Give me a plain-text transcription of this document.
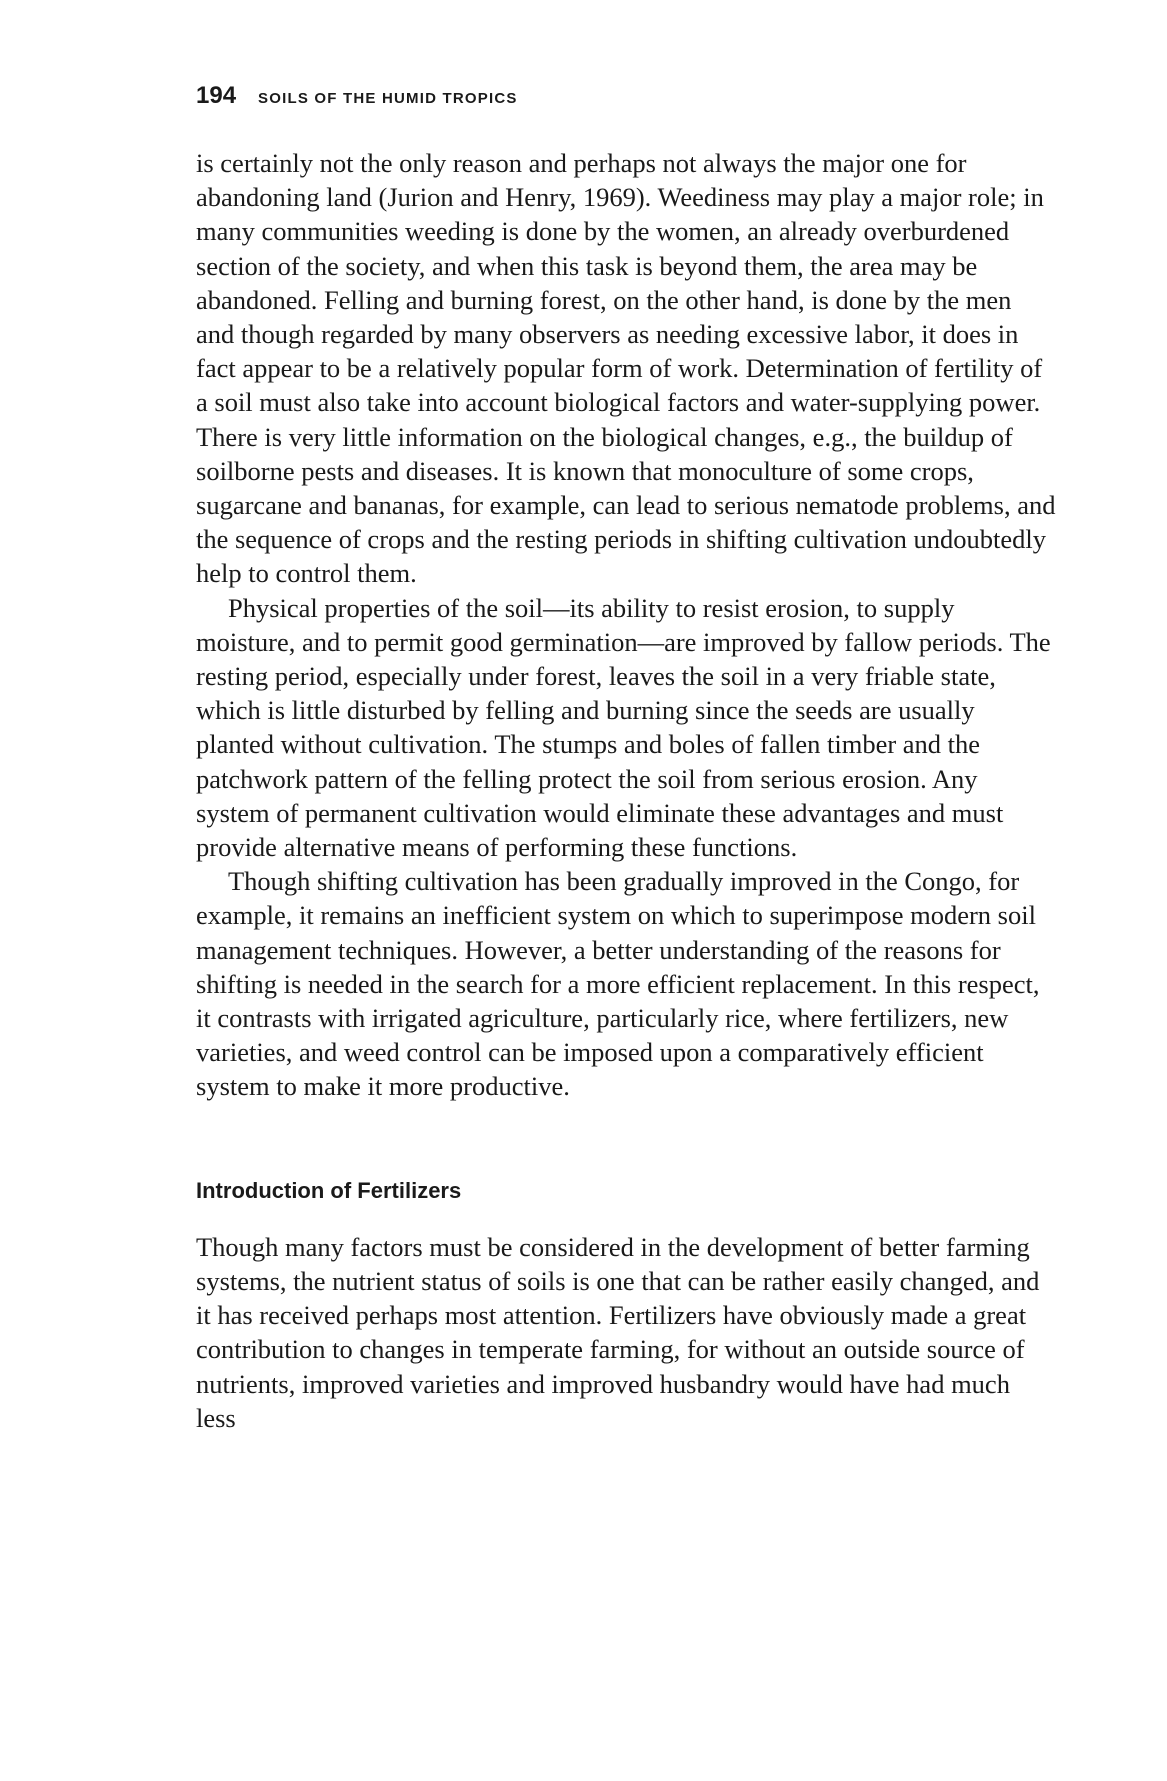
194 SOILS OF THE HUMID TROPICS

is certainly not the only reason and perhaps not always the major one for abandoning land (Jurion and Henry, 1969). Weediness may play a major role; in many communities weeding is done by the women, an already overburdened section of the society, and when this task is beyond them, the area may be abandoned. Felling and burning forest, on the other hand, is done by the men and though regarded by many observers as needing excessive labor, it does in fact appear to be a relatively popular form of work. Determination of fertility of a soil must also take into account biological factors and water-supplying power. There is very little information on the biological changes, e.g., the buildup of soilborne pests and diseases. It is known that monoculture of some crops, sugarcane and bananas, for example, can lead to serious nematode problems, and the sequence of crops and the resting periods in shifting cultivation undoubtedly help to control them.

Physical properties of the soil—its ability to resist erosion, to supply moisture, and to permit good germination—are improved by fallow periods. The resting period, especially under forest, leaves the soil in a very friable state, which is little disturbed by felling and burning since the seeds are usually planted without cultivation. The stumps and boles of fallen timber and the patchwork pattern of the felling protect the soil from serious erosion. Any system of permanent cultivation would eliminate these advantages and must provide alternative means of performing these functions.

Though shifting cultivation has been gradually improved in the Congo, for example, it remains an inefficient system on which to superimpose modern soil management techniques. However, a better understanding of the reasons for shifting is needed in the search for a more efficient replacement. In this respect, it contrasts with irrigated agriculture, particularly rice, where fertilizers, new varieties, and weed control can be imposed upon a comparatively efficient system to make it more productive.

Introduction of Fertilizers

Though many factors must be considered in the development of better farming systems, the nutrient status of soils is one that can be rather easily changed, and it has received perhaps most attention. Fertilizers have obviously made a great contribution to changes in temperate farming, for without an outside source of nutrients, improved varieties and improved husbandry would have had much less
